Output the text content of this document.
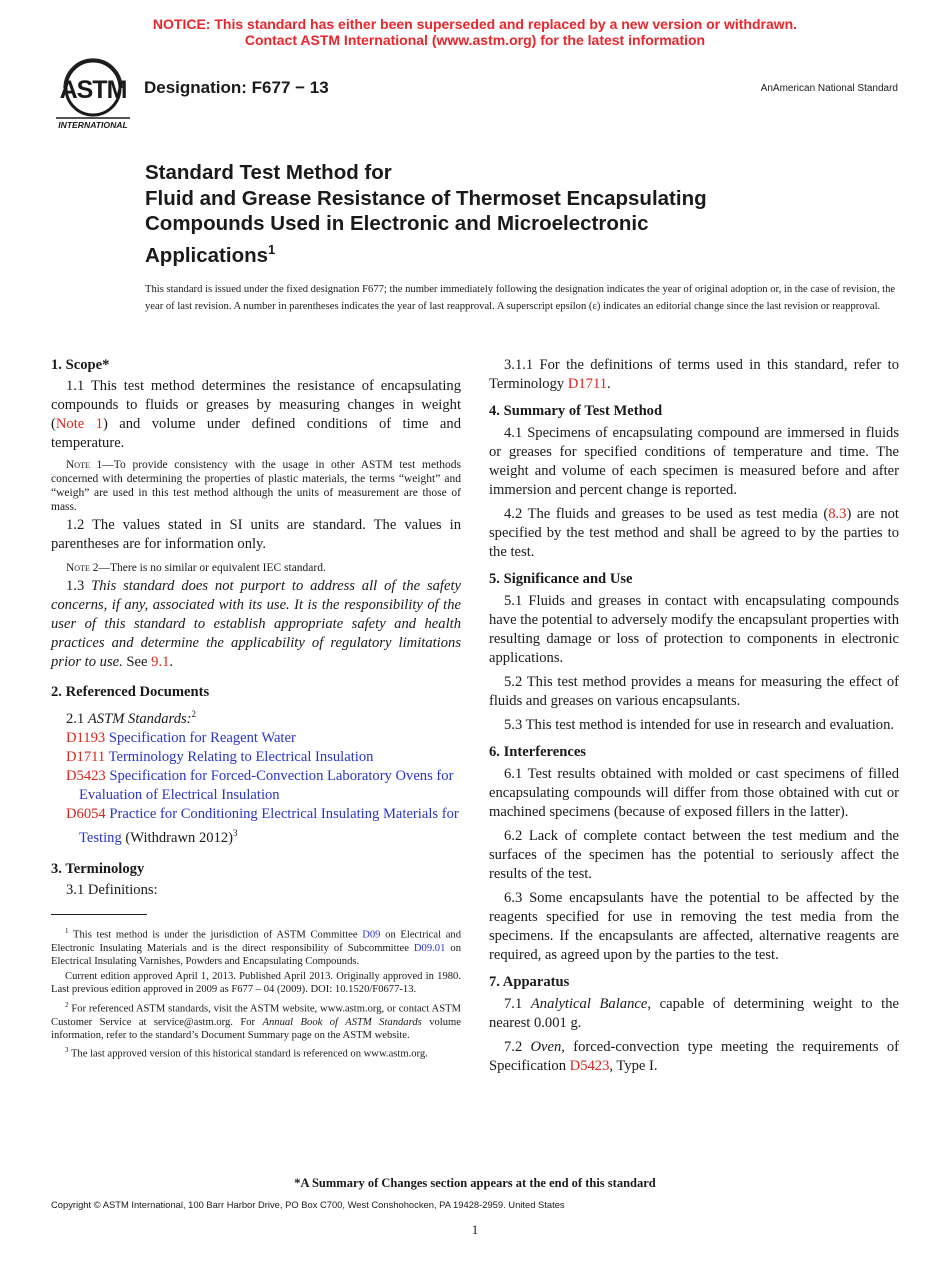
NOTICE: This standard has either been superseded and replaced by a new version or withdrawn.
Contact ASTM International (www.astm.org) for the latest information
ASTM
INTERNATIONAL
Designation: F677 − 13	AnAmerican National Standard
Standard Test Method for
Fluid and Grease Resistance of Thermoset Encapsulating
Compounds Used in Electronic and Microelectronic
Applications$^1$
This standard is issued under the fixed designation F677; the number immediately following the designation indicates the year of original adoption or, in the case of revision, the year of last revision. A number in parentheses indicates the year of last reapproval. A superscript epsilon (ε) indicates an editorial change since the last revision or reapproval.
1. Scope*

1.1 This test method determines the resistance of encapsulating compounds to fluids or greases by measuring changes in weight (Note 1) and volume under defined conditions of time and temperature.

Note 1—To provide consistency with the usage in other ASTM test methods concerned with determining the properties of plastic materials, the terms “weight” and “weigh” are used in this test method although the units of measurement are those of mass.

1.2 The values stated in SI units are standard. The values in parentheses are for information only.

Note 2—There is no similar or equivalent IEC standard.

1.3 This standard does not purport to address all of the safety concerns, if any, associated with its use. It is the responsibility of the user of this standard to establish appropriate safety and health practices and determine the applicability of regulatory limitations prior to use. See 9.1.

2. Referenced Documents

2.1 ASTM Standards:$^2$

D1193 Specification for Reagent Water
D1711 Terminology Relating to Electrical Insulation
D5423 Specification for Forced-Convection Laboratory Ovens for Evaluation of Electrical Insulation
D6054 Practice for Conditioning Electrical Insulating Materials for Testing (Withdrawn 2012)$^3$
3. Terminology

3.1 Definitions:

$^1$ This test method is under the jurisdiction of ASTM Committee D09 on Electrical and Electronic Insulating Materials and is the direct responsibility of Subcommittee D09.01 on Electrical Insulating Varnishes, Powders and Encapsulating Compounds.

Current edition approved April 1, 2013. Published April 2013. Originally approved in 1980. Last previous edition approved in 2009 as F677 – 04 (2009). DOI: 10.1520/F0677-13.

$^2$ For referenced ASTM standards, visit the ASTM website, www.astm.org, or contact ASTM Customer Service at service@astm.org. For Annual Book of ASTM Standards volume information, refer to the standard’s Document Summary page on the ASTM website.

$^3$ The last approved version of this historical standard is referenced on www.astm.org.

3.1.1 For the definitions of terms used in this standard, refer to Terminology D1711.

4. Summary of Test Method

4.1 Specimens of encapsulating compound are immersed in fluids or greases for specified conditions of temperature and time. The weight and volume of each specimen is measured before and after immersion and percent change is reported.

4.2 The fluids and greases to be used as test media (8.3) are not specified by the test method and shall be agreed to by the parties to the test.

5. Significance and Use

5.1 Fluids and greases in contact with encapsulating compounds have the potential to adversely modify the encapsulant properties with resulting damage or loss of protection to components in electronic applications.

5.2 This test method provides a means for measuring the effect of fluids and greases on various encapsulants.

5.3 This test method is intended for use in research and evaluation.

6. Interferences

6.1 Test results obtained with molded or cast specimens of filled encapsulating compounds will differ from those obtained with cut or machined specimens (because of exposed fillers in the latter).

6.2 Lack of complete contact between the test medium and the surfaces of the specimen has the potential to seriously affect the results of the test.

6.3 Some encapsulants have the potential to be affected by the reagents specified for use in removing the test media from the specimens. If the encapsulants are affected, alternative reagents are required, as agreed upon by the parties to the test.

7. Apparatus

7.1 Analytical Balance, capable of determining weight to the nearest 0.001 g.

7.2 Oven, forced-convection type meeting the requirements of Specification D5423, Type I.

*A Summary of Changes section appears at the end of this standard
Copyright © ASTM International, 100 Barr Harbor Drive, PO Box C700, West Conshohocken, PA 19428-2959. United States
1
